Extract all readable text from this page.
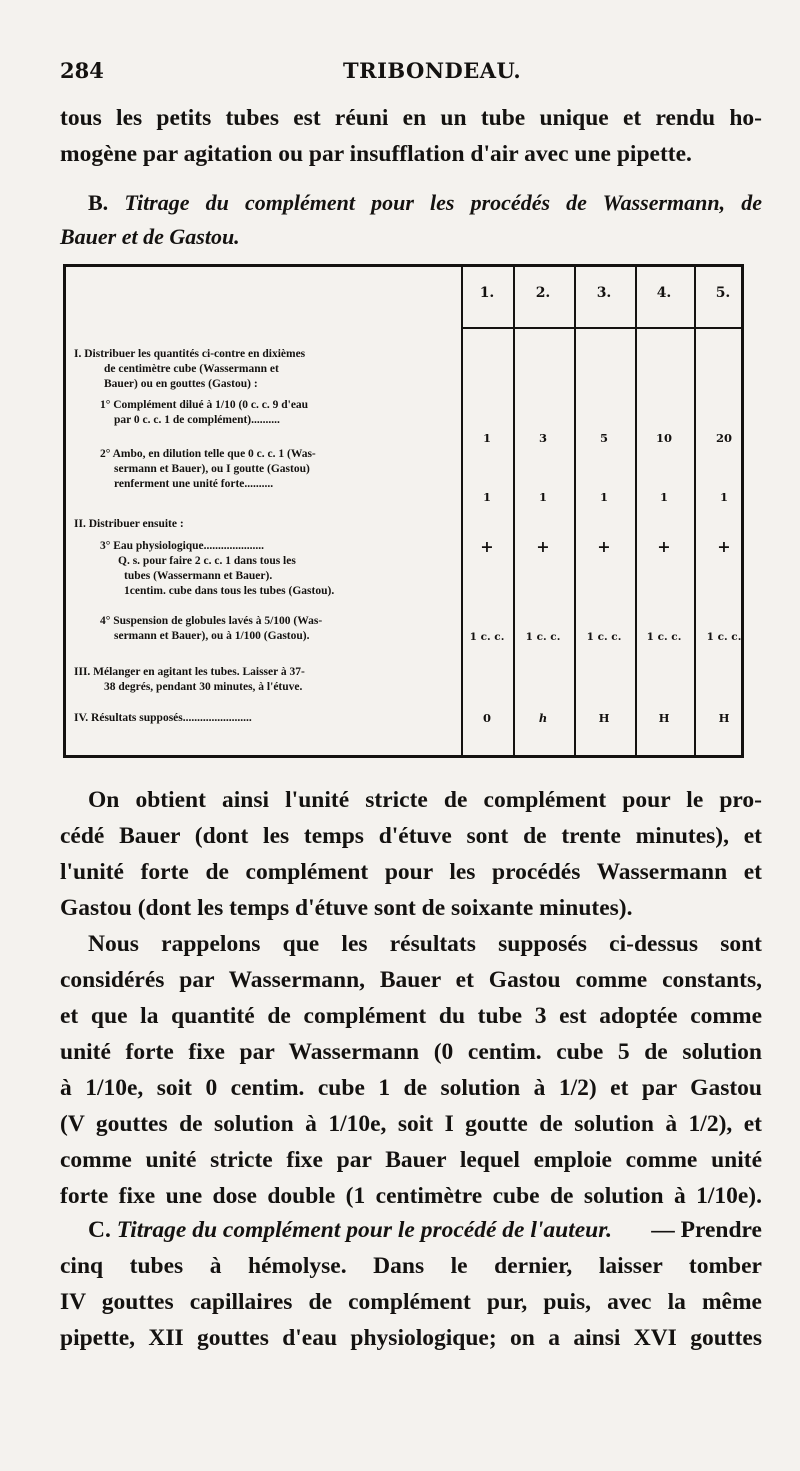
284	TRIBONDEAU.
tous les petits tubes est réuni en un tube unique et rendu ho-
mogène par agitation ou par insufflation d'air avec une pipette.
B. Titrage du complément pour les procédés de Wassermann, de
Bauer et de Gastou.
1.	2.	3.	4.	5.
I. Distribuer les quantités ci-contre en dixièmes
de centimètre cube (Wassermann et
Bauer) ou en gouttes (Gastou) :
1° Complément dilué à 1/10 (0 c. c. 9 d'eau
par 0 c. c. 1 de complément)..........
1	3	5	10	20
2° Ambo, en dilution telle que 0 c. c. 1 (Was-
sermann et Bauer), ou I goutte (Gastou)
renferment une unité forte..........
1	1	1	1	1
II. Distribuer ensuite :
3° Eau physiologique.....................	+	+	+	+	+
Q. s. pour faire 2 c. c. 1 dans tous les
tubes (Wassermann et Bauer).
1centim. cube dans tous les tubes (Gastou).
4° Suspension de globules lavés à 5/100 (Was-
sermann et Bauer), ou à 1/100 (Gastou).	1 c. c.	1 c. c.	1 c. c.	1 c. c.	1 c. c.
III. Mélanger en agitant les tubes. Laisser à 37-
38 degrés, pendant 30 minutes, à l'étuve.
IV. Résultats supposés........................	0	h	H	H	H
On obtient ainsi l'unité stricte de complément pour le pro-
cédé Bauer (dont les temps d'étuve sont de trente minutes), et
l'unité forte de complément pour les procédés Wassermann et
Gastou (dont les temps d'étuve sont de soixante minutes).
Nous rappelons que les résultats supposés ci-dessus sont
considérés par Wassermann, Bauer et Gastou comme constants,
et que la quantité de complément du tube 3 est adoptée comme
unité forte fixe par Wassermann (0 centim. cube 5 de solution
à 1/10e, soit 0 centim. cube 1 de solution à 1/2) et par Gastou
(V gouttes de solution à 1/10e, soit I goutte de solution à 1/2), et
comme unité stricte fixe par Bauer lequel emploie comme unité
forte fixe une dose double (1 centimètre cube de solution à 1/10e).
C. Titrage du complément pour le procédé de l'auteur. — Prendre
cinq tubes à hémolyse. Dans le dernier, laisser tomber
IV gouttes capillaires de complément pur, puis, avec la même
pipette, XII gouttes d'eau physiologique; on a ainsi XVI gouttes
